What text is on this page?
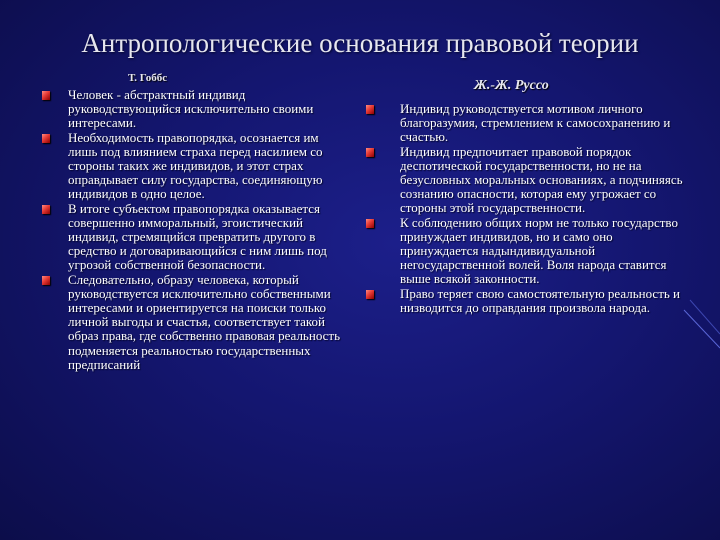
Антропологические основания правовой теории
Т. Гоббс
Человек - абстрактный индивид руководствующийся исключительно своими интересами.
Необходимость правопорядка, осознается им лишь под влиянием страха перед насилием со стороны таких же индивидов, и этот страх оправдывает силу государства, соединяющую индивидов в одно целое.
В итоге субъектом правопорядка оказывается совершенно имморальный, эгоистический индивид, стремящийся превратить другого в средство и договаривающийся с ним лишь под угрозой собственной безопасности.
Следовательно, образу человека, который руководствуется исключительно собственными интересами и ориентируется на поиски только личной выгоды и счастья, соответствует такой образ права, где собственно правовая реальность подменяется реальностью государственных предписаний
Ж.-Ж. Руссо
Индивид руководствуется мотивом личного благоразумия, стремлением к самосохранению и счастью.
Индивид предпочитает правовой порядок деспотической государственности, но не на безусловных моральных основаниях, а подчиняясь сознанию опасности, которая ему угрожает со стороны этой государственности.
К соблюдению общих норм не только государство принуждает индивидов, но и само оно принуждается надындивидуальной негосударственной волей. Воля народа ставится выше всякой законности.
Право теряет свою самостоятельную реальность и низводится до оправдания произвола народа.
